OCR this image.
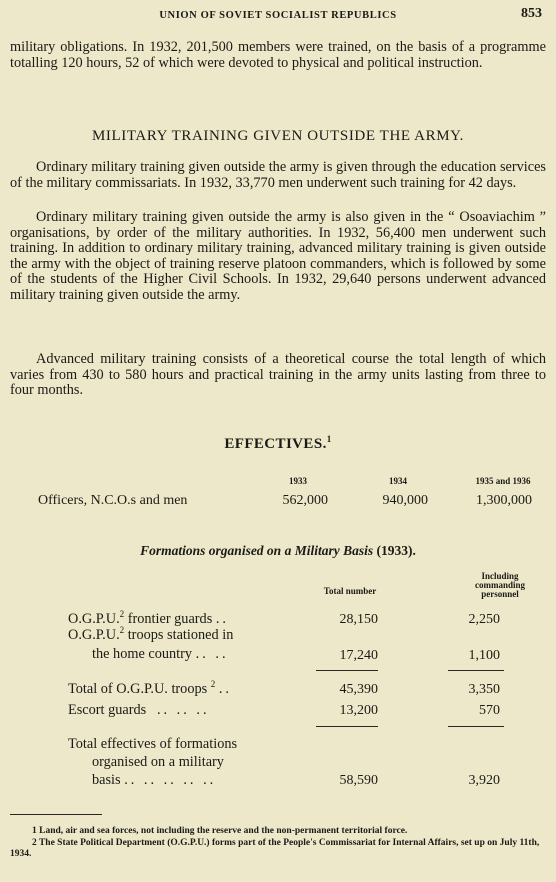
UNION OF SOVIET SOCIALIST REPUBLICS	853
military obligations. In 1932, 201,500 members were trained, on the basis of a programme totalling 120 hours, 52 of which were devoted to physical and political instruction.
MILITARY TRAINING GIVEN OUTSIDE THE ARMY.
Ordinary military training given outside the army is given through the education services of the military commissariats. In 1932, 33,770 men underwent such training for 42 days.
Ordinary military training given outside the army is also given in the “ Osoaviachim ” organisations, by order of the military authorities. In 1932, 56,400 men underwent such training. In addition to ordinary military training, advanced military training is given outside the army with the object of training reserve platoon commanders, which is followed by some of the students of the Higher Civil Schools. In 1932, 29,640 persons underwent advanced military training given outside the army.
Advanced military training consists of a theoretical course the total length of which varies from 430 to 580 hours and practical training in the army units lasting from three to four months.
EFFECTIVES.$^1$
1933	1934	1935 and 1936
Officers, N.C.O.s and men	562,000	940,000	1,300,000
Formations organised on a Military Basis (1933).
Total number
Including
commanding
personnel
O.G.P.U.$^2$ frontier guards ..	28,150	2,250
O.G.P.U.$^2$ troops stationed in
the home country .. ..	17,240	1,100
Total of O.G.P.U. troops $^2$ ..	45,390	3,350
Escort guards .. .. ..	13,200	570
Total effectives of formations
organised on a military
basis .. .. .. .. ..	58,590	3,920
1 Land, air and sea forces, not including the reserve and the non-permanent territorial force.
2 The State Political Department (O.G.P.U.) forms part of the People's Commissariat for Internal Affairs, set up on July 11th, 1934.
